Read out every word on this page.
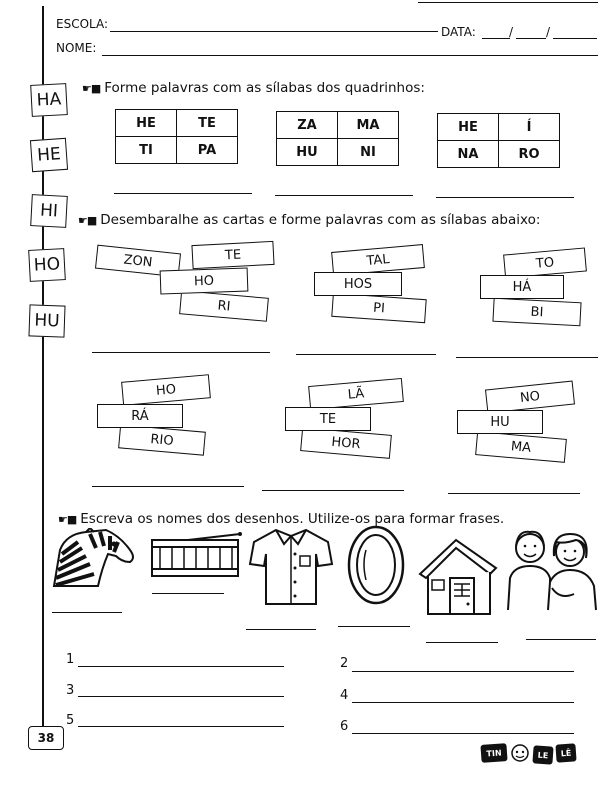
ESCOLA:
DATA:	/	/
NOME:
HA
HE
HI
HO
HU
☛■ Forme palavras com as sílabas dos quadrinhos:
HE	TE
TI	PA
ZA	MA
HU	NI
HE	Í
NA	RO
☛■ Desembaralhe as cartas e forme palavras com as sílabas abaixo:
ZON	TE
RI
HO
TAL
PI
HOS
TO
BI
HÁ
HO
RIO
RÁ
LÃ
HOR
TE
NO
MA
HU
☛■ Escreva os nomes dos desenhos. Utilize-os para formar frases.
1	2
3	4
5	6
38
TIN	LE	LÊ
